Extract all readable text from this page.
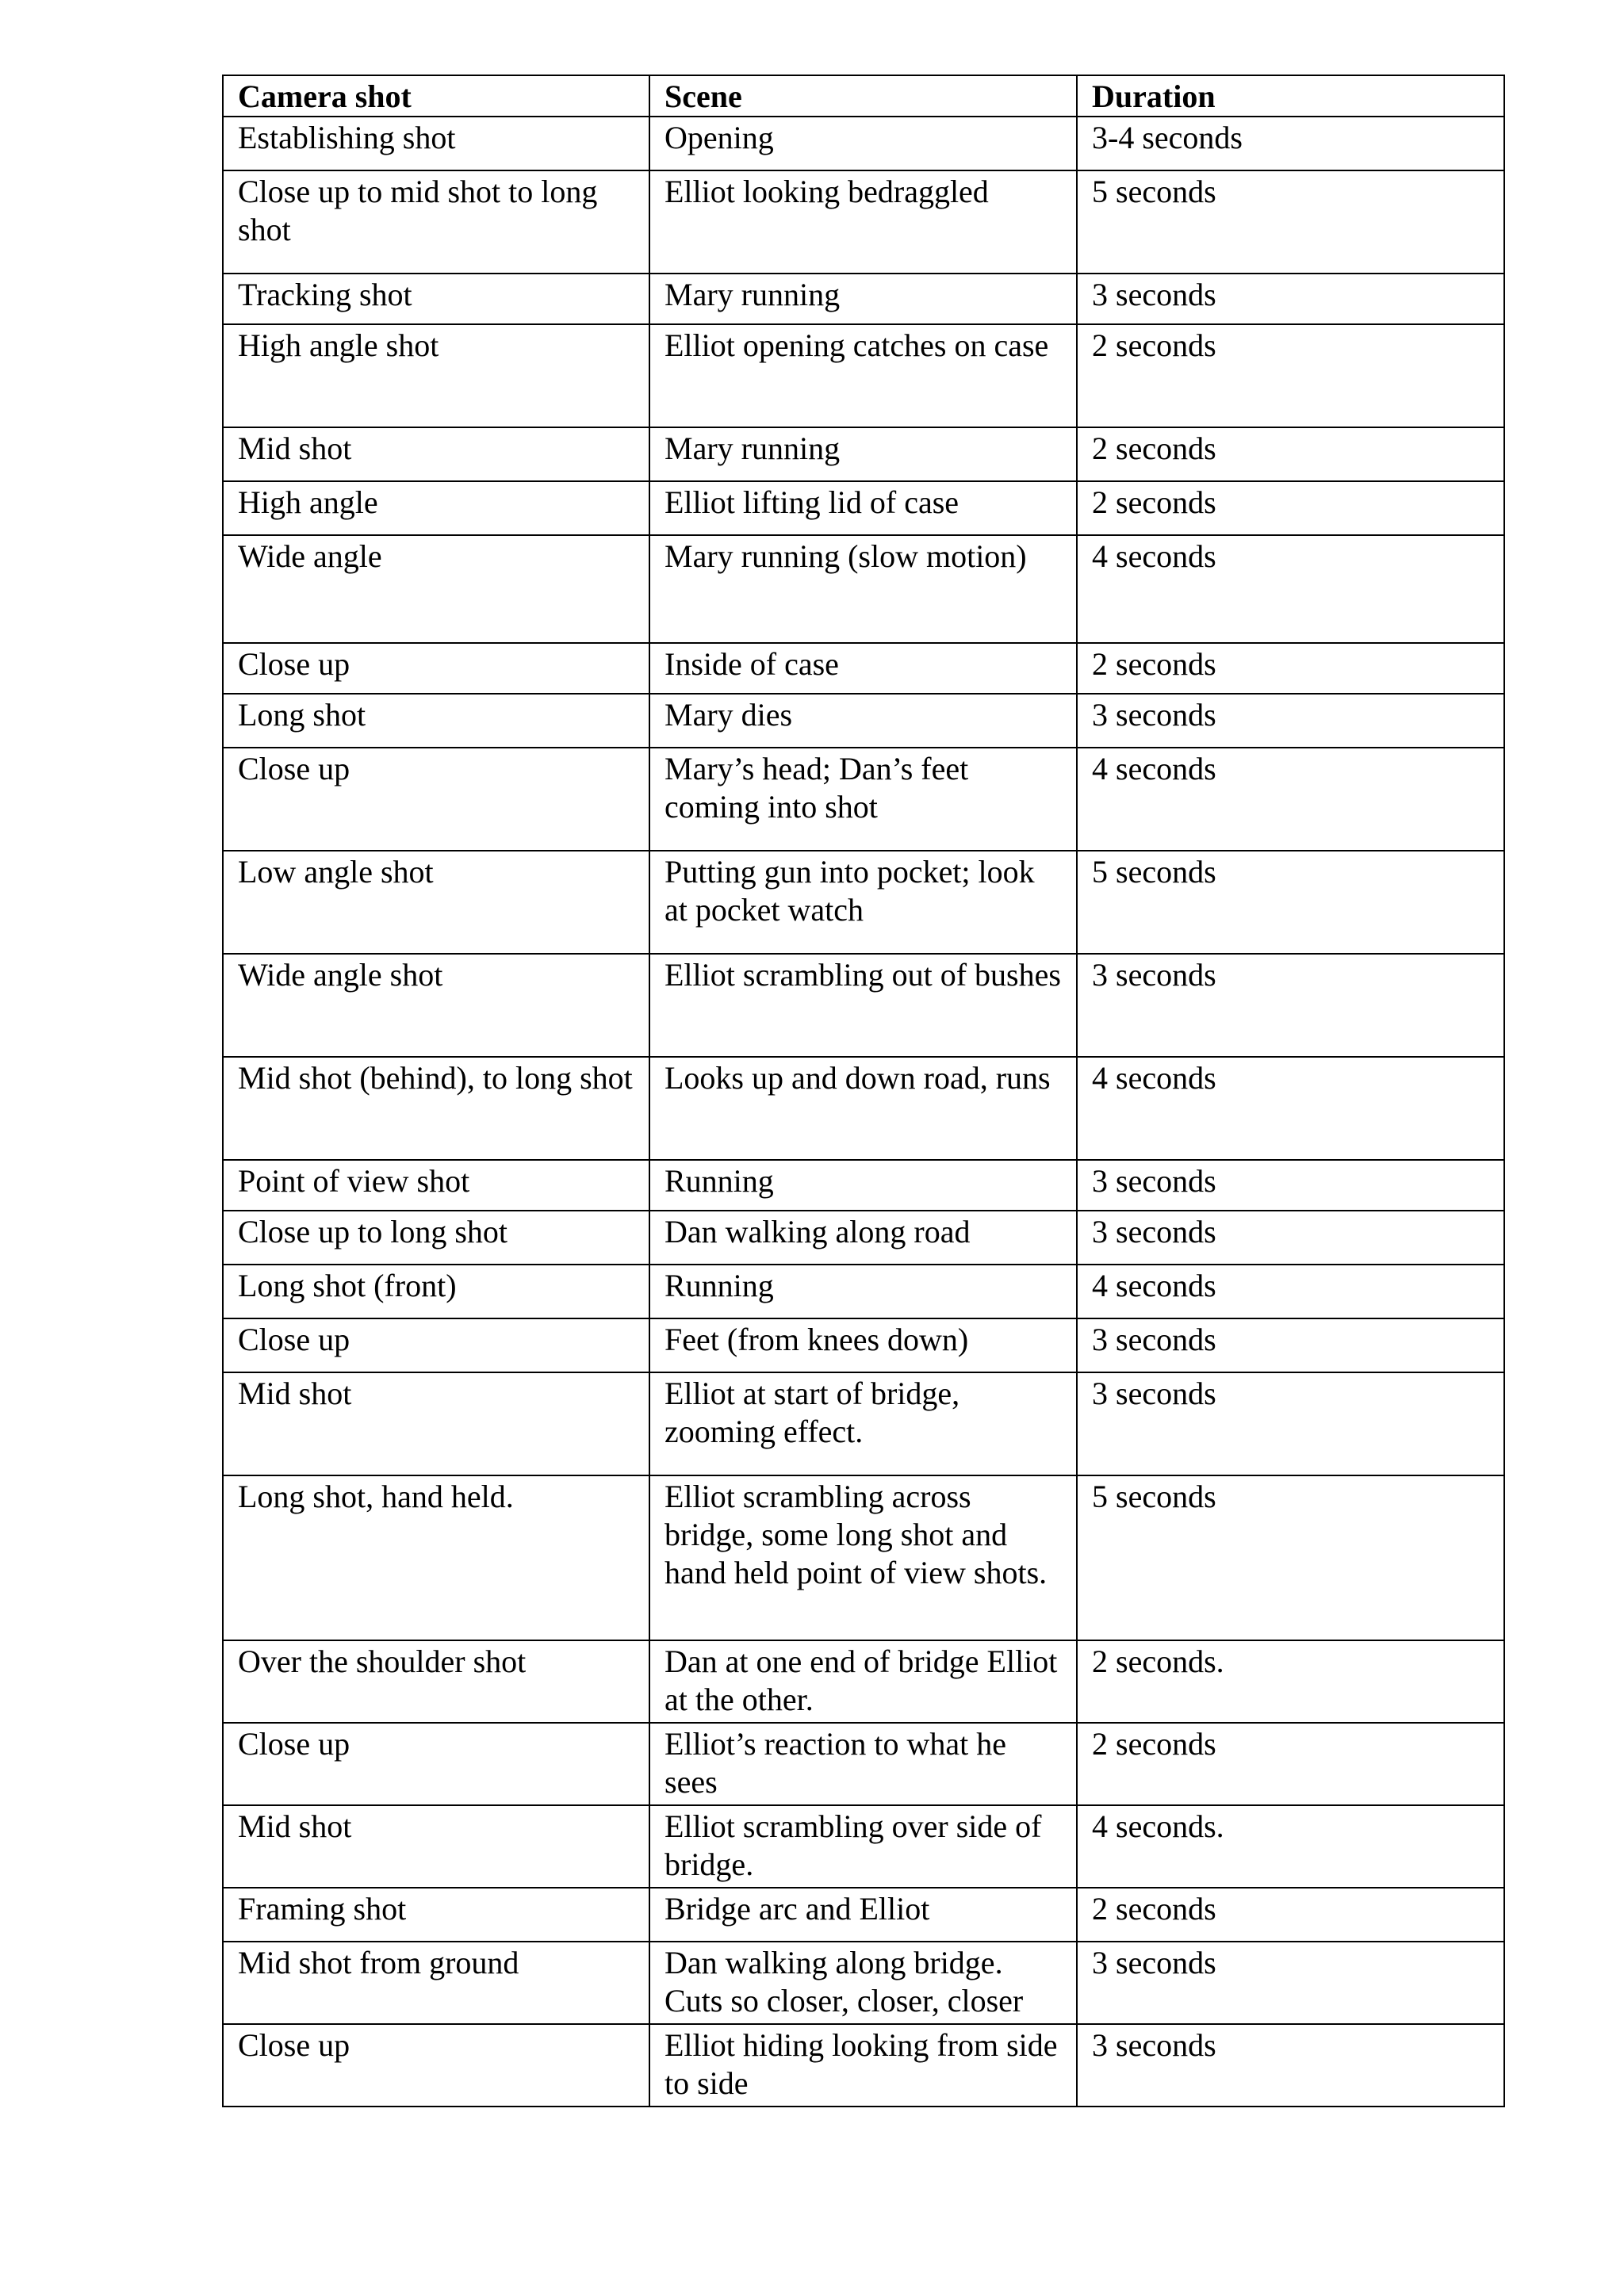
Camera shot	Scene	Duration
Establishing shot	Opening	3-4 seconds
Close up to mid shot to long shot	Elliot looking bedraggled	5 seconds
Tracking shot	Mary running	3 seconds
High angle shot	Elliot opening catches on case	2 seconds
Mid shot	Mary running	2 seconds
High angle	Elliot lifting lid of case	2 seconds
Wide angle	Mary running (slow motion)	4 seconds
Close up	Inside of case	2 seconds
Long shot	Mary dies	3 seconds
Close up	Mary’s head; Dan’s feet coming into shot	4 seconds
Low angle shot	Putting gun into pocket; look at pocket watch	5 seconds
Wide angle shot	Elliot scrambling out of bushes	3 seconds
Mid shot (behind), to long shot	Looks up and down road, runs	4 seconds
Point of view shot	Running	3 seconds
Close up to long shot	Dan walking along road	3 seconds
Long shot (front)	Running	4 seconds
Close up	Feet (from knees down)	3 seconds
Mid shot	Elliot at start of bridge, zooming effect.	3 seconds
Long shot, hand held.	Elliot scrambling across bridge, some long shot and hand held point of view shots.	5 seconds
Over the shoulder shot	Dan at one end of bridge Elliot at the other.	2 seconds.
Close up	Elliot’s reaction to what he sees	2 seconds
Mid shot	Elliot scrambling over side of bridge.	4 seconds.
Framing shot	Bridge arc and Elliot	2 seconds
Mid shot from ground	Dan walking along bridge. Cuts so closer, closer, closer	3 seconds
Close up	Elliot hiding looking from side to side	3 seconds
